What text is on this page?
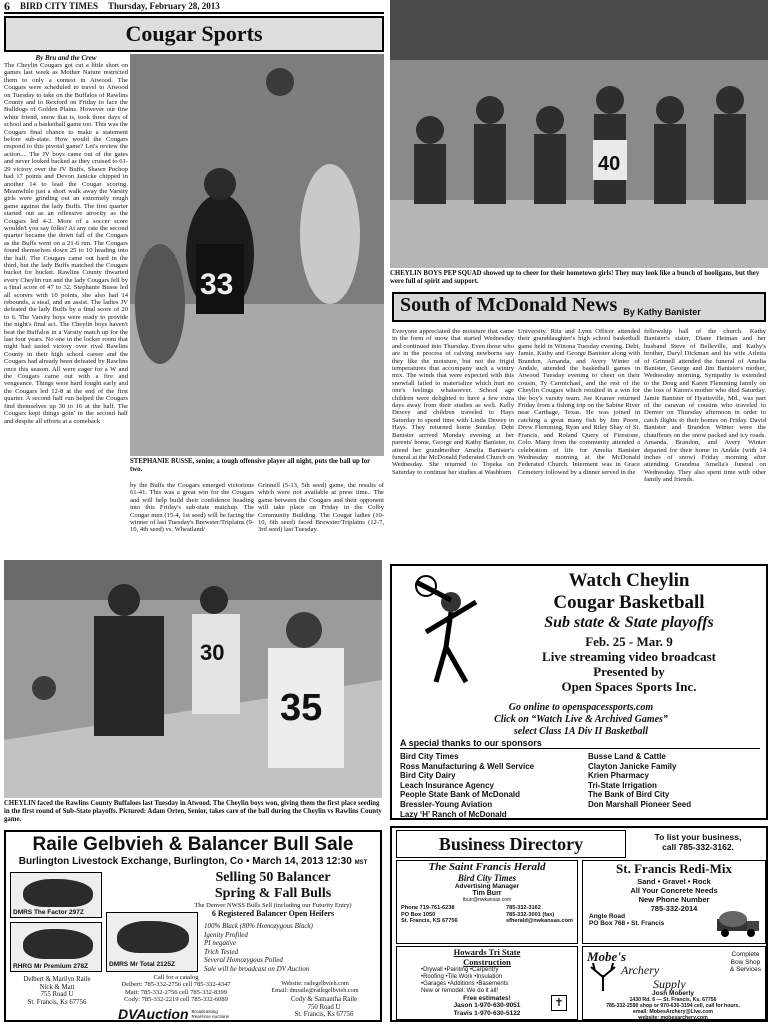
6 BIRD CITY TIMES Thursday, February 28, 2013
Cougar Sports
By Bru and the Crew
The Cheylin Cougars got cut a little short on games last week as Mother Nature restricted them to only a contest in Atwood. The Cougars were scheduled to travel to Atwood on Tuesday to take on the Buffalos of Rawlins County and to Rexford on Friday to face the Bulldogs of Golden Plains. However our fine white friend, snow that is, took three days of school and a basketball game too. This was the Cougars final chance to make a statement before sub-state. How would the Cougars respond to this pivotal game? Let's review the action.... The JV boys came out of the gates and never looked backed as they cruised to 61-29 victory over the JV Buffs. Shawn Pochop had 17 points and Devon Janicke chipped in another 14 to lead the Cougar scoring. Meanwhile just a short walk away the Varsity girls were grinding out an extremely rough game against the lady Buffs. The first quarter started out as an offensive atrocity as the Cougars led 4-2. More of a soccer score wouldn't you say folks? At any rate the second quarter became the down fall of the Cougars as the Buffs went on a 21-6 run. The Cougars found themselves down 25 to 10 heading into the half. The Cougars came out hard in the third, but the lady Buffs matched the Cougars bucket for bucket. Rawlins County thwarted every Cheylin run and the lady Cougars fell by a final score of 47 to 32. Stephanie Busse led all scorers with 10 points, she also had 14 rebounds, a steal, and an assist. The ladies JV defeated the lady Buffs by a final score of 20 to 6. The Varsity boys were ready to provide the night's final act. The Cheylin boys haven't beat the Buffalos in a Varsity match up for the last four years. No one in the locker room that night had tasted victory over rival Rawlins County in their high school career and the Cougars had already been defeated by Rawlins once this season. All were eager for a W and the Cougars came out with a fire and vengeance. Things were hard fought early and the Cougars led 12-8 at the end of the first quarter. A second half run helped the Cougars find themselves up 30 to 16 at the half. The Cougars kept things goin' in the second half and despite all efforts at a comeback
33
STEPHANIE BUSSE, senior, a tough offensive player all night, puts the ball up for two.
by the Buffs the Cougars emerged victorious 61-41. This was a great win for the Cougars and will help build their confidence heading into this Friday's sub-state matchup. The Cougar men (15-4, 1st seed) will be facing the winner of last Tuesday's Brewster/Triplains (9-10, 4th seed) vs. Wheatland/
Grinnell (5-13, 5th seed) game, the results of which were not available at press time.. The game between the Cougars and their opponent will take place on Friday in the Colby Community Building. The Cougar ladies (10-10, 6th seed) faced Brewster/Triplains (12-7, 3rd seed) last Tuesday.
40
CHEYLIN BOYS PEP SQUAD showed up to cheer for their hometown girls! They may look like a bunch of hooligans, but they were full of spirit and support.
South of McDonald News By Kathy Banister
Everyone appreciated the moisture that came in the form of snow that started Wednesday and continued into Thursday. Even those who are in the process of calving newborns say they like the moisture, but not the frigid temperatures that accompany such a wintry mix. The winds that were expected with this snowfall failed to materialize which hurt no one's feelings whatsoever. School age children were delighted to have a few extra days away from their studies as well. Kelly Dewey and children traveled to Hays Saturday to spend time with Linda Dewey in Hays. They returned home Sunday. Debi Banister arrived Monday evening at her parents' home, George and Kathy Banister, to attend her grandmother Amelia Banister's funeral at the McDonald Federated Church on Wednesday. She returned to Topeka on Saturday to continue her studies at Washburn
University. Rita and Lynn Officer attended their granddaughter's high school basketball game held in Winona Tuesday evening. Debi, Jamie, Kathy and George Banister along with Brandon, Amanda, and Avery Winter of Andale, attended the basketball games in Atwood Tuesday evening to cheer on their cousin, Ty Carmichael, and the rest of the Cheylin Cougars which resulted in a win for the boy's varsity team. Joe Kramer returned Friday from a fishing trip on the Sabine River near Carthage, Texas. He was joined in catching a great many fish by Jim Poore, Drew Flemming, Ryan and Riley Shay of St. Francis, and Roland Query of Firestone, Colo. Many from the community attended a celebration of life for Amelia Banister Wednesday morning at the McDonald Federated Church. Interment was in Grace Cemetery followed by a dinner served in the
fellowship hall of the church. Kathy Banister's sister, Diane Heiman and her husband Steve of Belleville, and Kathy's brother, Daryl Dickman and his wife Arletta of Grinnell attended the funeral of Amelia Banister, George and Jim Banister's mother, Wednesday morning. Sympathy is extended to the Doug and Karen Flemming family on the loss of Karen's mother who died Saturday. Jamie Banister of Hyattsville, Md., was part of the caravan of cousins who traveled to Denver on Thursday afternoon in order to catch flights to their homes on Friday. David Banister and Brandon Winter were the chauffeurs on the snow packed and icy roads. Amanda, Brandon, and Avery Winter departed for their home in Andale (with 14 inches of snow) Friday morning after attending Grandma Amelia's funeral on Wednesday. They also spent time with other family and friends.
30
35
CHEYLIN faced the Rawlins County Buffaloes last Tuesday in Atwood. The Cheylin boys won, giving them the first place seeding in the first round of Sub-State playoffs. Pictured: Adam Orten, Senior, takes care of the ball during the Cheylin vs Rawlins County game.
Watch Cheylin
Cougar Basketball
Sub state & State playoffs
Feb. 25 - Mar. 9
Live streaming video broadcast
Presented by
Open Spaces Sports Inc.
Go online to openspacessports.com
Click on “Watch Live & Archived Games”
select Class 1A Div II Basketball
A special thanks to our sponsors
Bird City Times
Ross Manufacturing & Well Service
Bird City Dairy
Leach Insurance Agency
People State Bank of McDonald
Bressler-Young Aviation
Lazy ‘H’ Ranch of McDonald
Busse Land & Cattle
Clayton Janicke Family
Krien Pharmacy
Tri-State Irrigation
The Bank of Bird City
Don Marshall Pioneer Seed
Raile Gelbvieh & Balancer Bull Sale
Burlington Livestock Exchange, Burlington, Co • March 14, 2013 12:30 MST
DMRS The Factor 297Z
RHRG Mr Premium 278Z	DMRS Mr Total 2125Z
Selling 50 Balancer
Spring & Fall Bulls
The Denver NWSS Bulls Sell (including our Futurity Entry)
6 Registered Balancer Open Heifers
100% Black (80% Homozygous Black)
Igenity Profiled
PI negative
Trich Tested
Several Homozygous Polled
Sale will be broadcast on DV Auction
Call for a catalog
Delbert: 785-332-2756 cell 785-332-4347
Matt: 785-332-2756 cell 785-332-8399
Cody: 785-332-2219 cell 785-332-6089
Website: railegelbvieh.com
Email: dmraile@railegelbvieh.com
Delbert & Marilyn Raile
Nick & Matt
755 Road U
St. Francis, Ks 67756	Cody & Samantha Raile
750 Road U
St. Francis, Ks 67756
DVAuction Broadcasting
Real-time Auctions
Business Directory	To list your business,
call 785-332-3162.
The Saint Francis Herald
Bird City Times
Advertising Manager
Tim Burr
tburr@nwkansas.com
Phone 719-761-6238
PO Box 1050
St. Francis, KS 67756
785-332-3162
785-332-3001 (fax)
sfherald@nwkansas.com
St. Francis Redi-Mix
Sand • Gravel • Rock
All Your Concrete Needs
New Phone Number
785-332-2014
Angle Road
PO Box 768 • St. Francis
Howards Tri State
Construction
•Drywall •Painting •Carpentry
•Roofing •Tile Work •Insulation
•Garages •Additions •Basements
New or remodel: We do it all!
Free estimates!
Jason 1-970-630-9051
Travis 1-970-630-5122
✝
Mobe's
Archery
Supply
Complete
Bow Shop
& Services
Josh Moberly
1430 Rd. 6 — St. Francis, Ks. 67756
785-332-2590 shop or 970-630-3194 cell, call for hours.
email: MobesArchery@Live.com
website: mobesarchery.com
